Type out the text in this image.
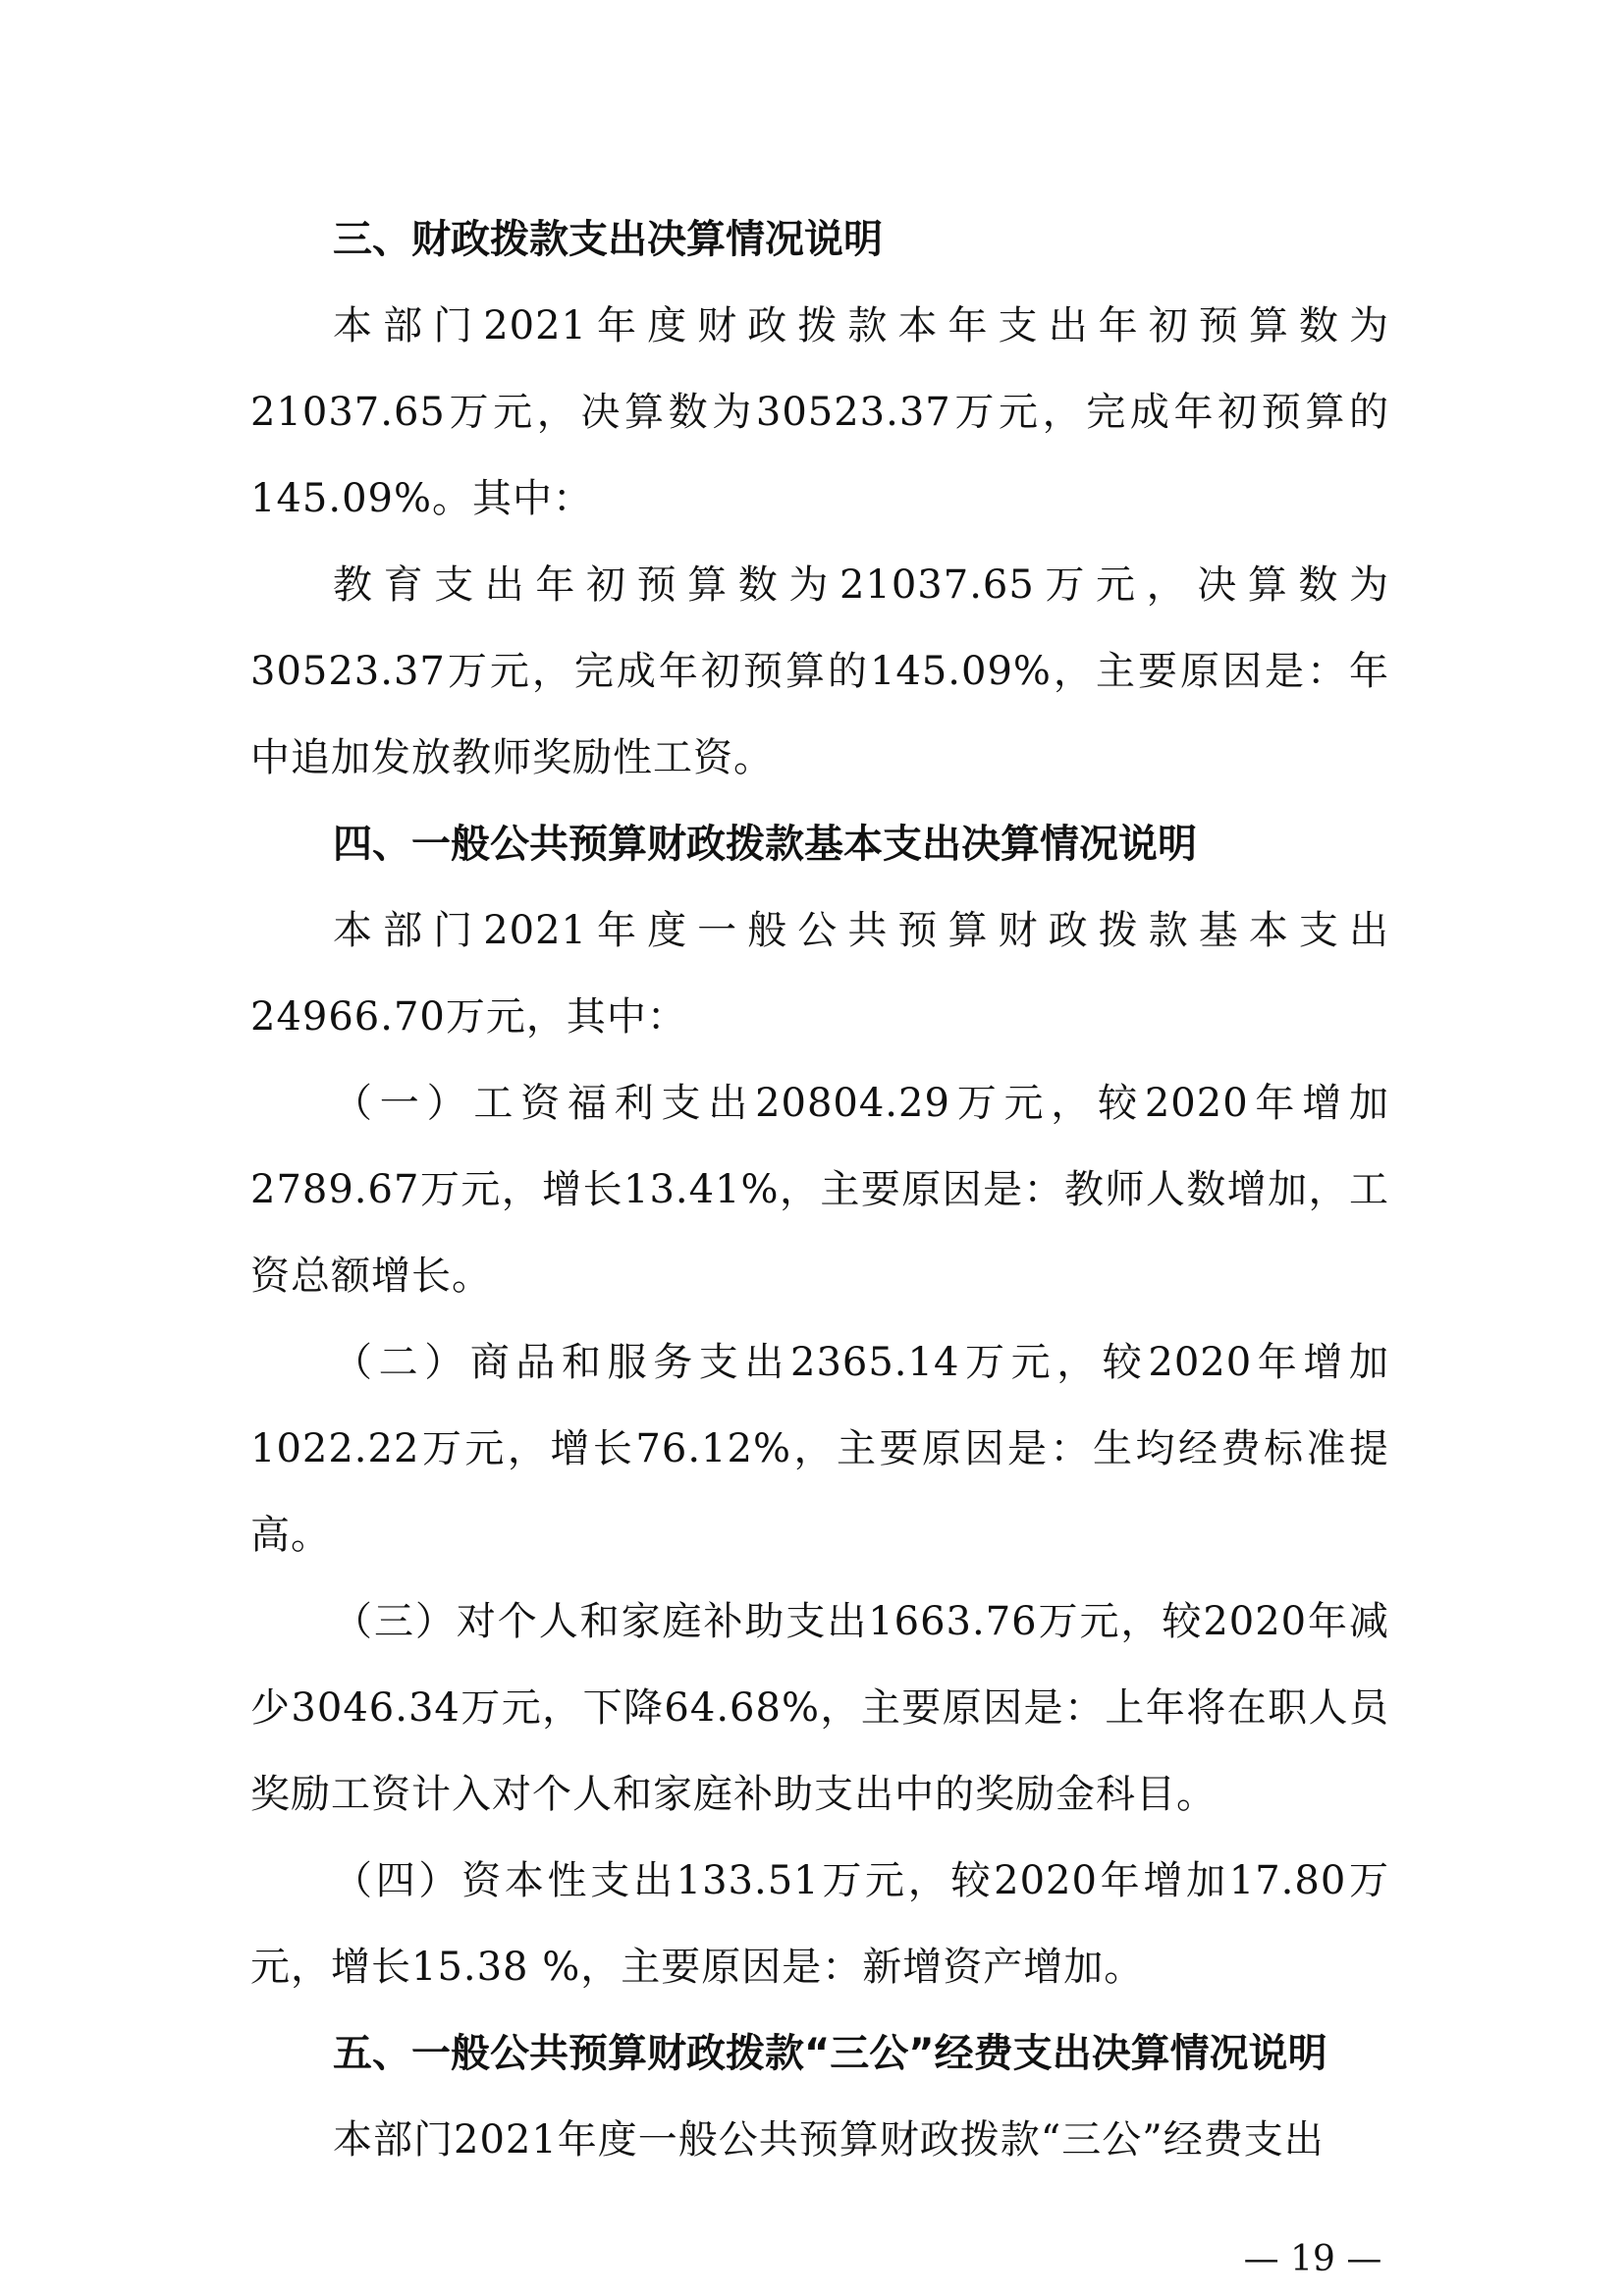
三、财政拨款支出决算情况说明

本部门2021年度财政拨款本年支出年初预算数为21037.65万元，决算数为30523.37万元，完成年初预算的145.09%。其中：

教育支出年初预算数为21037.65万元，决算数为30523.37万元，完成年初预算的145.09%，主要原因是：年中追加发放教师奖励性工资。

四、一般公共预算财政拨款基本支出决算情况说明

本部门2021年度一般公共预算财政拨款基本支出24966.70万元，其中：

（一）工资福利支出20804.29万元，较2020年增加2789.67万元，增长13.41%，主要原因是：教师人数增加，工资总额增长。

（二）商品和服务支出2365.14万元，较2020年增加1022.22万元，增长76.12%，主要原因是：生均经费标准提高。

（三）对个人和家庭补助支出1663.76万元，较2020年减少3046.34万元，下降64.68%，主要原因是：上年将在职人员奖励工资计入对个人和家庭补助支出中的奖励金科目。

（四）资本性支出133.51万元，较2020年增加17.80万元，增长15.38 %，主要原因是：新增资产增加。

五、一般公共预算财政拨款“三公”经费支出决算情况说明

本部门2021年度一般公共预算财政拨款“三公”经费支出

— 19 —
